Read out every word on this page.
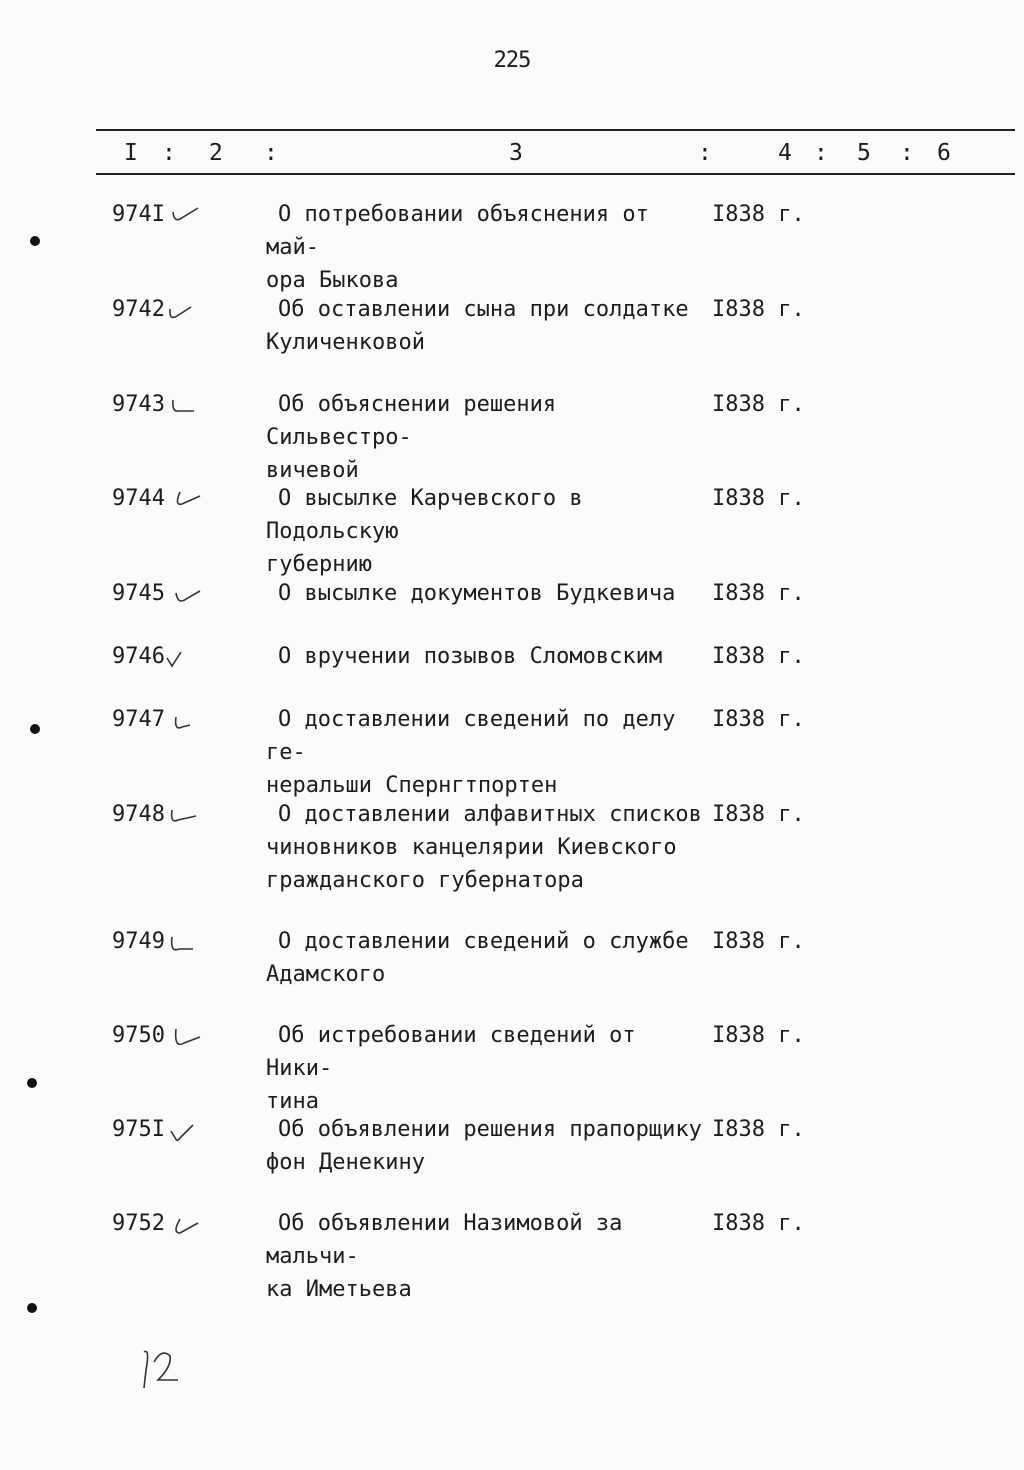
225
I : 2 :	3	:	4 : 5 : 6
974I	О потребовании объяснения от май-
ора Быкова
I838 г.
9742	Об оставлении сына при солдатке
Куличенковой
I838 г.
9743	Об объяснении решения Сильвестро-
вичевой
I838 г.
9744	О высылке Карчевского в Подольскую
губернию
I838 г.
9745	О высылке документов Будкевича	I838 г.
9746	О вручении позывов Сломовским	I838 г.
9747	О доставлении сведений по делу ге-
неральши Спернгтпортен
I838 г.
9748	О доставлении алфавитных списков
чиновников канцелярии Киевского
гражданского губернатора
I838 г.
9749	О доставлении сведений о службе
Адамского
I838 г.
9750	Об истребовании сведений от Ники-
тина
I838 г.
975I	Об объявлении решения прапорщику
фон Денекину
I838 г.
9752	Об объявлении Назимовой за мальчи-
ка Иметьева
I838 г.
